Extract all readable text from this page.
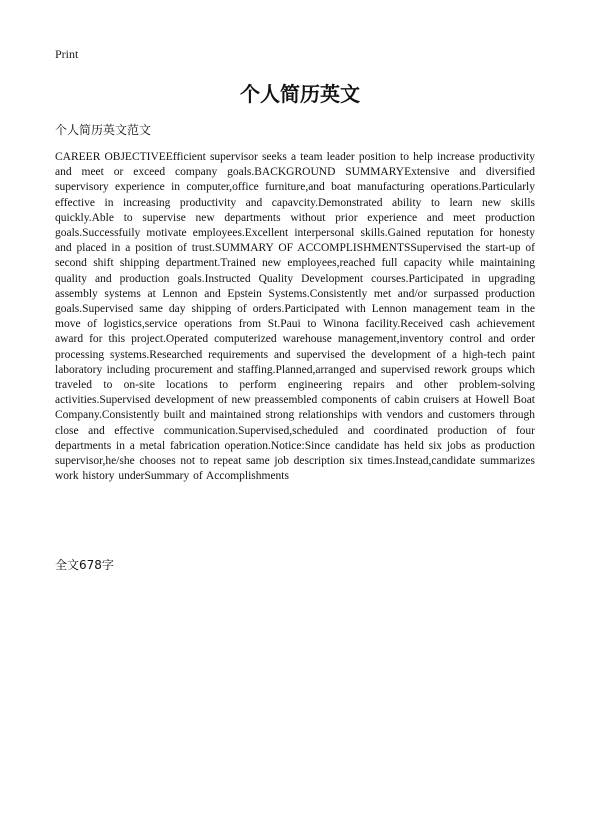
Print
个人简历英文

个人简历英文范文

CAREER OBJECTIVEEfficient supervisor seeks a team leader position to help increase productivity and meet or exceed company goals.BACKGROUND SUMMARYExtensive and diversified supervisory experience in computer,office furniture,and boat manufacturing operations.Particularly effective in increasing productivity and capavcity.Demonstrated ability to learn new skills quickly.Able to supervise new departments without prior experience and meet production goals.Successfuily motivate employees.Excellent interpersonal skills.Gained reputation for honesty and placed in a position of trust.SUMMARY OF ACCOMPLISHMENTSSupervised the start-up of second shift shipping department.Trained new employees,reached full capacity while maintaining quality and production goals.Instructed Quality Development courses.Participated in upgrading assembly systems at Lennon and Epstein Systems.Consistently met and/or surpassed production goals.Supervised same day shipping of orders.Participated with Lennon management team in the move of logistics,service operations from St.Paui to Winona facility.Received cash achievement award for this project.Operated computerized warehouse management,inventory control and order processing systems.Researched requirements and supervised the development of a high-tech paint laboratory including procurement and staffing.Planned,arranged and supervised rework groups which traveled to on-site locations to perform engineering repairs and other problem-solving activities.Supervised development of new preassembled components of cabin cruisers at Howell Boat Company.Consistently built and maintained strong relationships with vendors and customers through close and effective communication.Supervised,scheduled and coordinated production of four departments in a metal fabrication operation.Notice:Since candidate has held six jobs as production supervisor,he/she chooses not to repeat same job description six times.Instead,candidate summarizes work history underSummary of Accomplishments

全文678字
